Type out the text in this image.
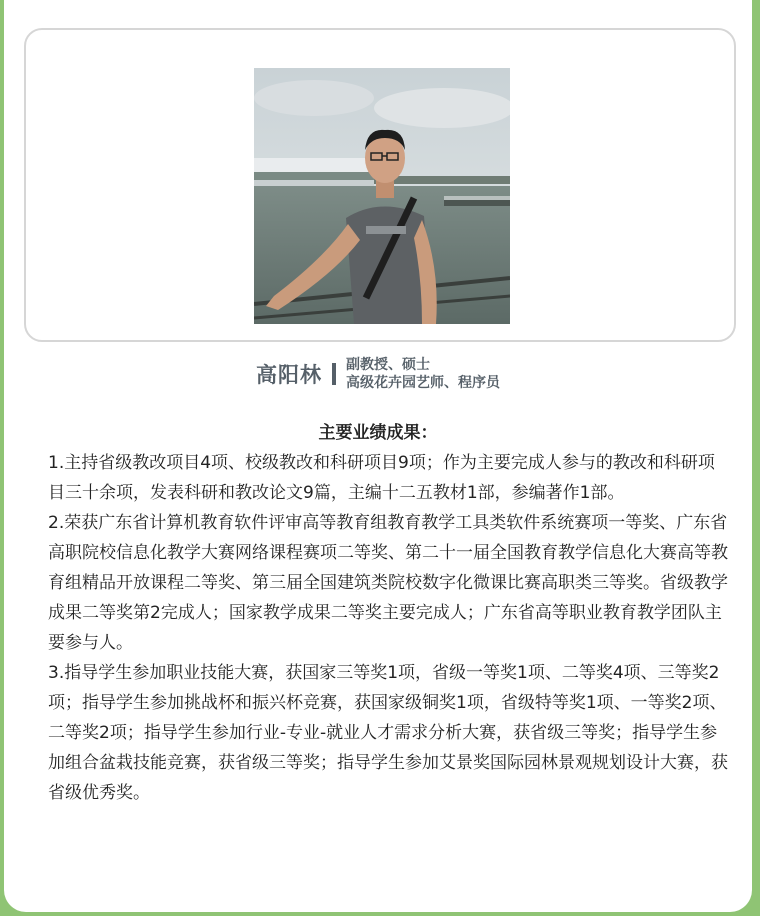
高阳林 副教授、硕士
高级花卉园艺师、程序员
主要业绩成果：

1.主持省级教改项目4项、校级教改和科研项目9项；作为主要完成人参与的教改和科研项目三十余项，发表科研和教改论文9篇，主编十二五教材1部，参编著作1部。

2.荣获广东省计算机教育软件评审高等教育组教育教学工具类软件系统赛项一等奖、广东省高职院校信息化教学大赛网络课程赛项二等奖、第二十一届全国教育教学信息化大赛高等教育组精品开放课程二等奖、第三届全国建筑类院校数字化微课比赛高职类三等奖。省级教学成果二等奖第2完成人；国家教学成果二等奖主要完成人；广东省高等职业教育教学团队主要参与人。

3.指导学生参加职业技能大赛，获国家三等奖1项，省级一等奖1项、二等奖4项、三等奖2项；指导学生参加挑战杯和振兴杯竞赛，获国家级铜奖1项，省级特等奖1项、一等奖2项、二等奖2项；指导学生参加行业-专业-就业人才需求分析大赛，获省级三等奖；指导学生参加组合盆栽技能竞赛，获省级三等奖；指导学生参加艾景奖国际园林景观规划设计大赛，获省级优秀奖。
